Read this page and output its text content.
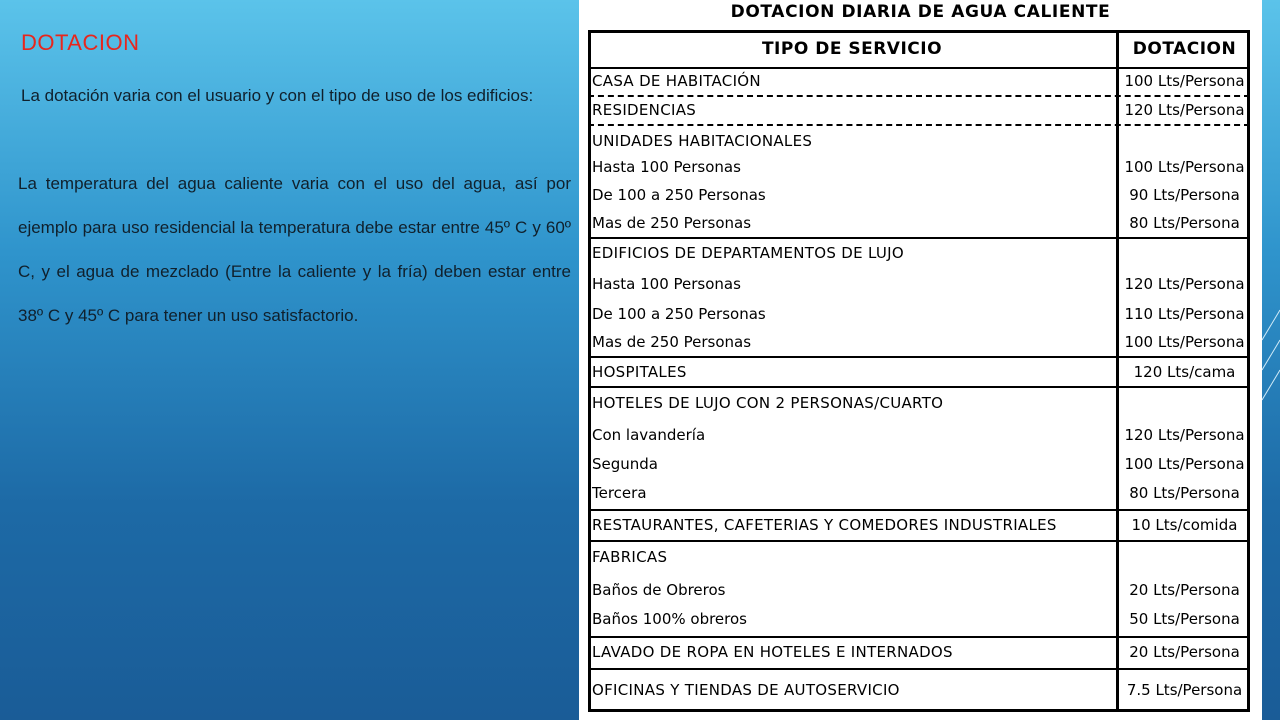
DOTACION
La dotación varia con el usuario y con el tipo de uso de los edificios:
La temperatura del agua caliente varia con el uso del agua, así por ejemplo para uso residencial la temperatura debe estar entre 45º C y 60º C, y el agua de mezclado (Entre la caliente y la fría) deben estar entre 38º C y 45º C para tener un uso satisfactorio.
DOTACION DIARIA DE AGUA CALIENTE
TIPO DE SERVICIO	DOTACION
CASA DE HABITACIÓN	100 Lts/Persona
RESIDENCIAS	120 Lts/Persona
UNIDADES HABITACIONALES
Hasta 100 Personas	100 Lts/Persona
De 100 a 250 Personas	90 Lts/Persona
Mas de 250 Personas	80 Lts/Persona
EDIFICIOS DE DEPARTAMENTOS DE LUJO
Hasta 100 Personas	120 Lts/Persona
De 100 a 250 Personas	110 Lts/Persona
Mas de 250 Personas	100 Lts/Persona
HOSPITALES	120 Lts/cama
HOTELES DE LUJO CON 2 PERSONAS/CUARTO
Con lavandería	120 Lts/Persona
Segunda	100 Lts/Persona
Tercera	80 Lts/Persona
RESTAURANTES, CAFETERIAS Y COMEDORES INDUSTRIALES	10 Lts/comida
FABRICAS
Baños de Obreros	20 Lts/Persona
Baños 100% obreros	50 Lts/Persona
LAVADO DE ROPA EN HOTELES E INTERNADOS	20 Lts/Persona
OFICINAS Y TIENDAS DE AUTOSERVICIO	7.5 Lts/Persona
